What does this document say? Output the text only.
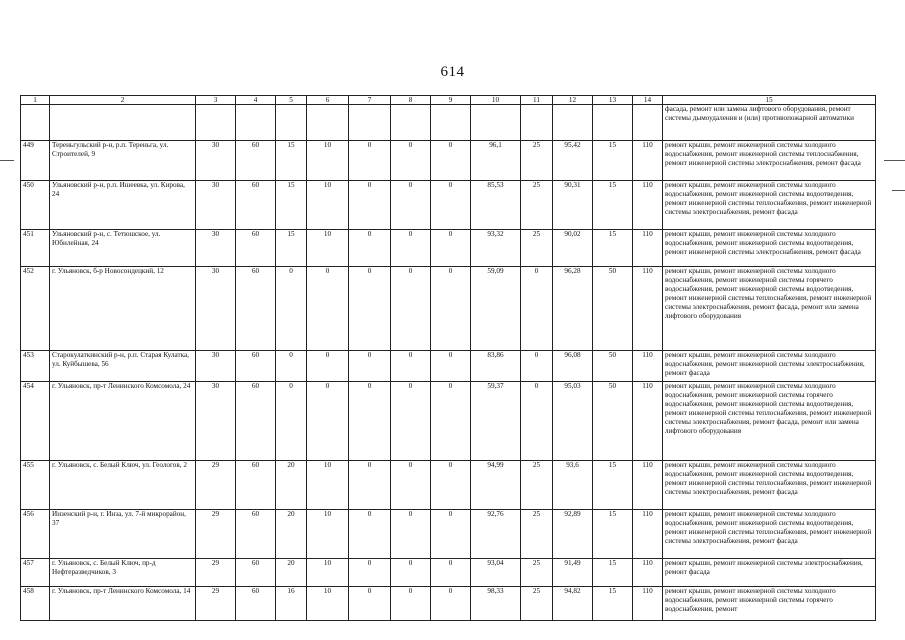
614
1	2	3	4	5	6	7	8	9	10	11	12	13	14	15
														фасада, ремонт или замена лифтового оборудования, ремонт системы дымоудаления и (или) противопожарной автоматики
449	Тереньгульский р-н, р.п. Тереньга, ул. Строителей, 9	30	60	15	10	0	0	0	96,1	25	95,42	15	110	ремонт крыши, ремонт инженерной системы холодного водоснабжения, ремонт инженерной системы теплоснабжения, ремонт инженерной системы электроснабжения, ремонт фасада
450	Ульяновский р-н, р.п. Ишеевка, ул. Кирова, 24	30	60	15	10	0	0	0	85,53	25	90,31	15	110	ремонт крыши, ремонт инженерной системы холодного водоснабжения, ремонт инженерной системы водоотведения, ремонт инженерной системы теплоснабжения, ремонт инженерной системы электроснабжения, ремонт фасада
451	Ульяновский р-н, с. Тетюшское, ул. Юбилейная, 24	30	60	15	10	0	0	0	93,32	25	90,02	15	110	ремонт крыши, ремонт инженерной системы холодного водоснабжения, ремонт инженерной системы водоотведения, ремонт инженерной системы электроснабжения, ремонт фасада
452	г. Ульяновск, б-р Новосондецкий, 12	30	60	0	0	0	0	0	59,09	0	96,28	50	110	ремонт крыши, ремонт инженерной системы холодного водоснабжения, ремонт инженерной системы горячего водоснабжения, ремонт инженерной системы водоотведения, ремонт инженерной системы теплоснабжения, ремонт инженерной системы электроснабжения, ремонт фасада, ремонт или замена лифтового оборудования
453	Старокулаткинский р-н, р.п. Старая Кулатка, ул. Куйбышева, 56	30	60	0	0	0	0	0	83,86	0	96,08	50	110	ремонт крыши, ремонт инженерной системы холодного водоснабжения, ремонт инженерной системы электроснабжения, ремонт фасада
454	г. Ульяновск, пр-т Ленинского Комсомола, 24	30	60	0	0	0	0	0	59,37	0	95,03	50	110	ремонт крыши, ремонт инженерной системы холодного водоснабжения, ремонт инженерной системы горячего водоснабжения, ремонт инженерной системы водоотведения, ремонт инженерной системы теплоснабжения, ремонт инженерной системы электроснабжения, ремонт фасада, ремонт или замена лифтового оборудования
455	г. Ульяновск, с. Белый Ключ, ул. Геологов, 2	29	60	20	10	0	0	0	94,99	25	93,6	15	110	ремонт крыши, ремонт инженерной системы холодного водоснабжения, ремонт инженерной системы водоотведения, ремонт инженерной системы теплоснабжения, ремонт инженерной системы электроснабжения, ремонт фасада
456	Инзенский р-н, г. Инза, ул. 7-й микрорайон, 37	29	60	20	10	0	0	0	92,76	25	92,89	15	110	ремонт крыши, ремонт инженерной системы холодного водоснабжения, ремонт инженерной системы водоотведения, ремонт инженерной системы теплоснабжения, ремонт инженерной системы электроснабжения, ремонт фасада
457	г. Ульяновск, с. Белый Ключ, пр-д Нефтеразведчиков, 3	29	60	20	10	0	0	0	93,04	25	91,49	15	110	ремонт крыши, ремонт инженерной системы электроснабжения, ремонт фасада
458	г. Ульяновск, пр-т Ленинского Комсомола, 14	29	60	16	10	0	0	0	98,33	25	94,82	15	110	ремонт крыши, ремонт инженерной системы холодного водоснабжения, ремонт инженерной системы горячего водоснабжения, ремонт
